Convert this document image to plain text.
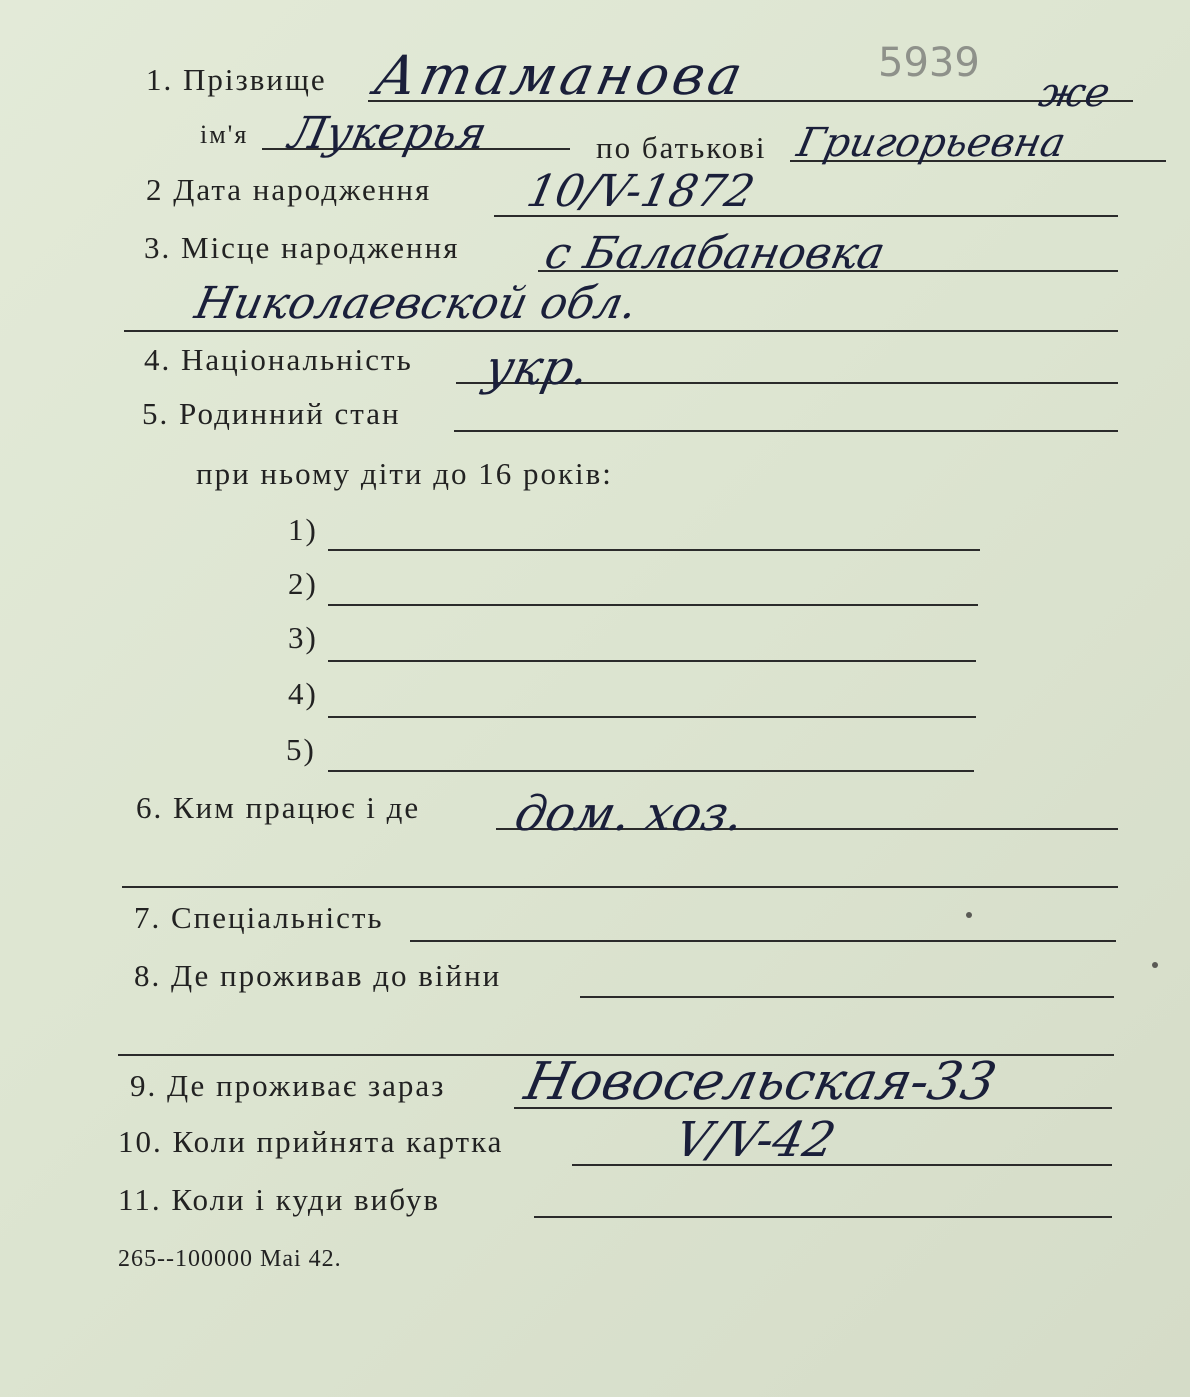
5939
1. Прізвище Атаманова	же
ім'я Лукерья	по батькові Григорьевна
2 Дата народження 10/V-1872
3. Місце народження с Балабановка
Николаевской обл.
4. Національність укр.
5. Родинний стан
при ньому діти до 16 років:
1)
2)
3)
4)
5)
6. Ким працює і де дом. хоз.
7. Спеціальність
8. Де проживав до війни
9. Де проживає зараз Новосельская-33
10. Коли прийнята картка	V/V-42
11. Коли і куди вибув
265--100000 Mai 42.
